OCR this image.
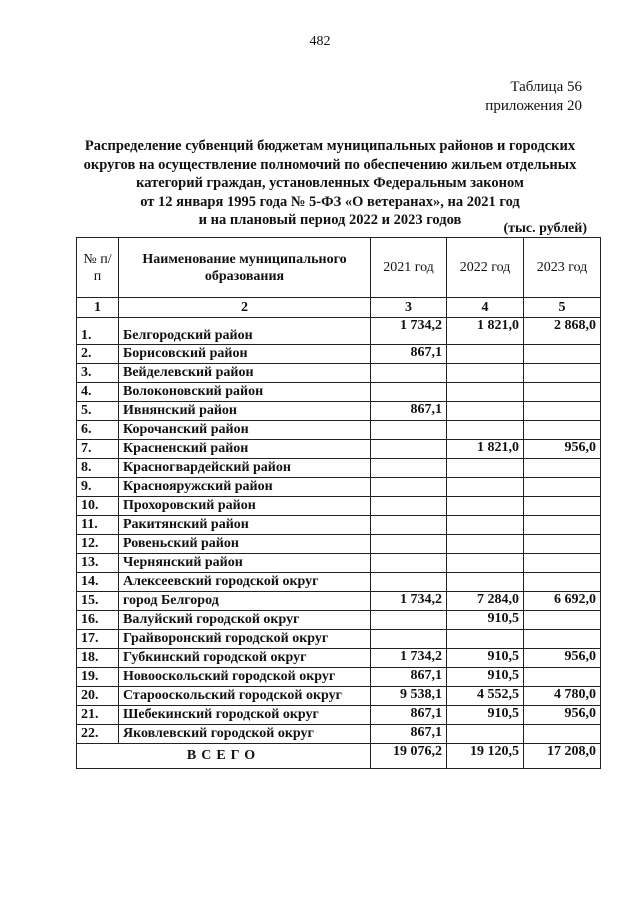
482
Таблица 56
приложения 20
Распределение субвенций бюджетам муниципальных районов и городских
округов на осуществление полномочий по обеспечению жильем отдельных
категорий граждан, установленных Федеральным законом
от 12 января 1995 года № 5-ФЗ «О ветеранах», на 2021 год
и на плановый период 2022 и 2023 годов
(тыс. рублей)
№ п/п	Наименование муниципального образования	2021 год	2022 год	2023 год
1	2	3	4	5
1.	Белгородский район	1 734,2	1 821,0	2 868,0
2.	Борисовский район	867,1		
3.	Вейделевский район			
4.	Волоконовский район			
5.	Ивнянский район	867,1		
6.	Корочанский район			
7.	Красненский район		1 821,0	956,0
8.	Красногвардейский район			
9.	Краснояружский район			
10.	Прохоровский район			
11.	Ракитянский район			
12.	Ровеньский район			
13.	Чернянский район			
14.	Алексеевский городской округ			
15.	город Белгород	1 734,2	7 284,0	6 692,0
16.	Валуйский городской округ		910,5	
17.	Грайворонский городской округ			
18.	Губкинский городской округ	1 734,2	910,5	956,0
19.	Новооскольский городской округ	867,1	910,5	
20.	Старооскольский городской округ	9 538,1	4 552,5	4 780,0
21.	Шебекинский городской округ	867,1	910,5	956,0
22.	Яковлевский городской округ	867,1		
ВСЕГО		19 076,2	19 120,5	17 208,0
